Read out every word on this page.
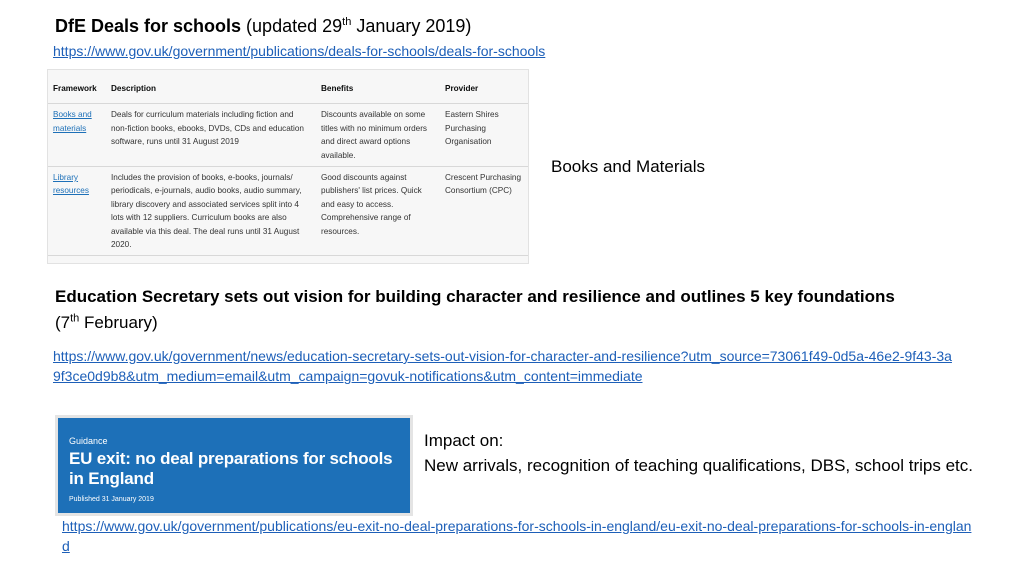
DfE Deals for schools (updated 29th January 2019)
https://www.gov.uk/government/publications/deals-for-schools/deals-for-schools
Framework	Description	Benefits	Provider
Books and materials	Deals for curriculum materials including fiction and non-fiction books, ebooks, DVDs, CDs and education software, runs until 31 August 2019	Discounts available on some titles with no minimum orders and direct award options available.	Eastern Shires Purchasing Organisation
Library resources	Includes the provision of books, e-books, journals/ periodicals, e-journals, audio books, audio summary, library discovery and associated services split into 4 lots with 12 suppliers. Curriculum books are also available via this deal. The deal runs until 31 August 2020.	Good discounts against publishers' list prices. Quick and easy to access. Comprehensive range of resources.	Crescent Purchasing Consortium (CPC)
Books and Materials
Education Secretary sets out vision for building character and resilience and outlines 5 key foundations
(7th February)
https://www.gov.uk/government/news/education-secretary-sets-out-vision-for-character-and-resilience?utm_source=73061f49-0d5a-46e2-9f43-3a9f3ce0d9b8&utm_medium=email&utm_campaign=govuk-notifications&utm_content=immediate
Guidance
EU exit: no deal preparations for schools in England
Published 31 January 2019
Impact on:
New arrivals, recognition of teaching qualifications, DBS, school trips etc.
https://www.gov.uk/government/publications/eu-exit-no-deal-preparations-for-schools-in-england/eu-exit-no-deal-preparations-for-schools-in-england
